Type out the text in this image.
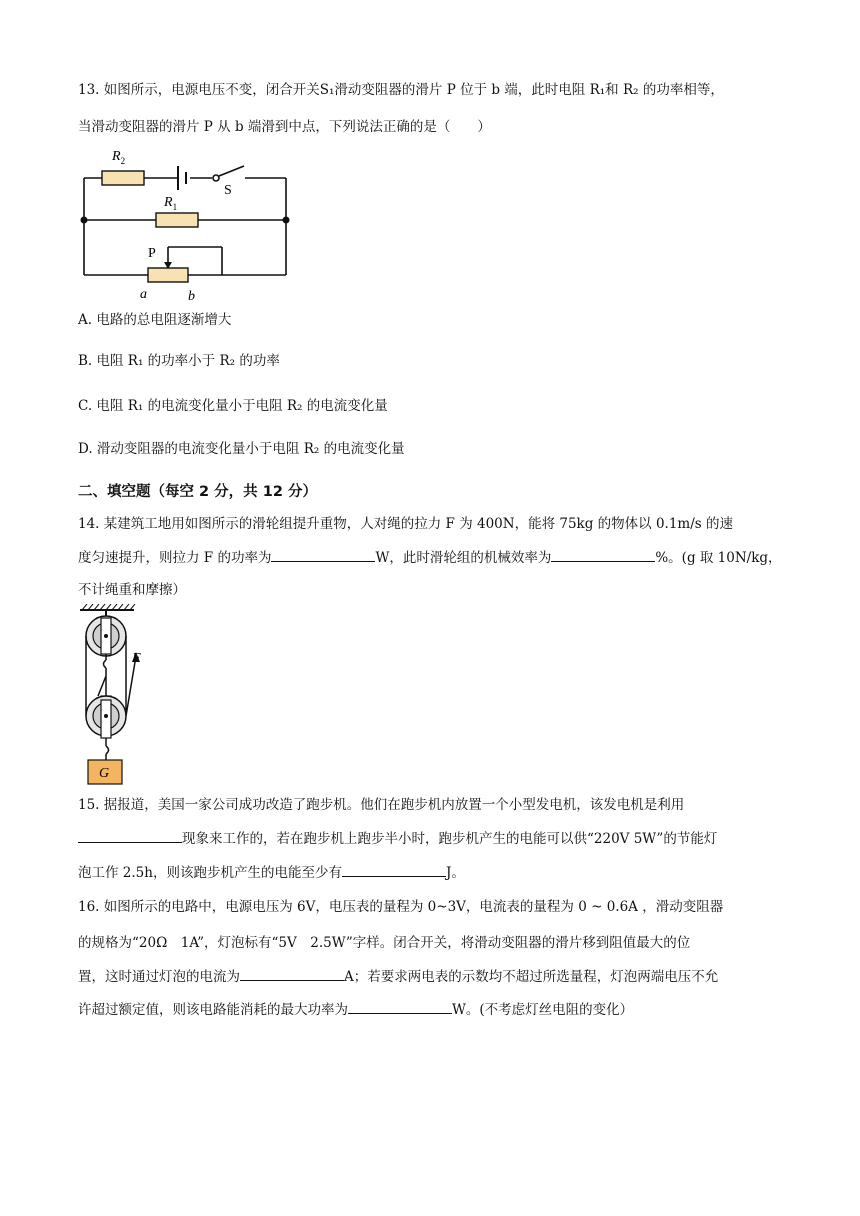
13. 如图所示，电源电压不变，闭合开关S₁滑动变阻器的滑片 P 位于 b 端，此时电阻 R₁和 R₂ 的功率相等，
当滑动变阻器的滑片 P 从 b 端滑到中点，下列说法正确的是（　　）
$R_2$
$R_1$
S
P
a	b
A. 电路的总电阻逐渐增大
B. 电阻 R₁ 的功率小于 R₂ 的功率
C. 电阻 R₁ 的电流变化量小于电阻 R₂ 的电流变化量
D. 滑动变阻器的电流变化量小于电阻 R₂ 的电流变化量
二、填空题（每空 2 分，共 12 分）
14. 某建筑工地用如图所示的滑轮组提升重物，人对绳的拉力 F 为 400N，能将 75kg 的物体以 0.1m/s 的速
度匀速提升，则拉力 F 的功率为	W，此时滑轮组的机械效率为	%。(g 取 10N/kg，
不计绳重和摩擦）
F
G
15. 据报道，美国一家公司成功改造了跑步机。他们在跑步机内放置一个小型发电机，该发电机是利用
现象来工作的，若在跑步机上跑步半小时，跑步机产生的电能可以供“220V 5W”的节能灯
泡工作 2.5h，则该跑步机产生的电能至少有	J。
16. 如图所示的电路中，电源电压为 6V，电压表的量程为 0~3V，电流表的量程为 0 ~ 0.6A ，滑动变阻器
的规格为“20Ω　1A”，灯泡标有“5V　2.5W”字样。闭合开关，将滑动变阻器的滑片移到阻值最大的位
置，这时通过灯泡的电流为	A；若要求两电表的示数均不超过所选量程，灯泡两端电压不允
许超过额定值，则该电路能消耗的最大功率为	W。(不考虑灯丝电阻的变化）
